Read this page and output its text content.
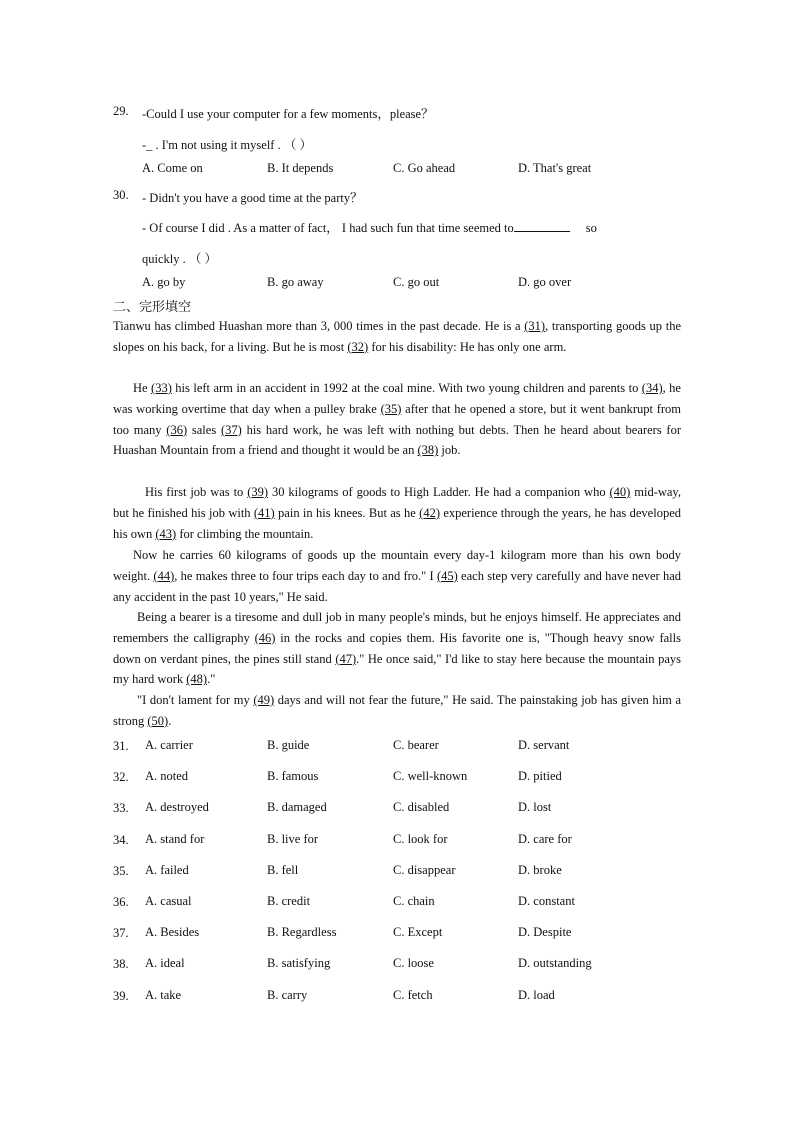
29. -Could I use your computer for a few moments，please？
-_ . I'm not using it myself . （ ）
A. Come on	B. It depends	C. Go ahead	D. That's great
30. - Didn't you have a good time at the party？
- Of course I did . As a matter of fact， I had such fun that time seemed to	so
quickly . （ ）
A. go by	B. go away	C. go out	D. go over
二、完形填空
Tianwu has climbed Huashan more than 3, 000 times in the past decade. He is a (31), transporting goods up the slopes on his back, for a living. But he is most (32) for his disability: He has only one arm.
He (33) his left arm in an accident in 1992 at the coal mine. With two young children and parents to (34), he was working overtime that day when a pulley brake (35) after that he opened a store, but it went bankrupt from too many (36) sales (37) his hard work, he was left with nothing but debts. Then he heard about bearers for Huashan Mountain from a friend and thought it would be an (38) job.
His first job was to (39) 30 kilograms of goods to High Ladder. He had a companion who (40) mid-way, but he finished his job with (41) pain in his knees. But as he (42) experience through the years, he has developed his own (43) for climbing the mountain.
Now he carries 60 kilograms of goods up the mountain every day-1 kilogram more than his own body weight. (44), he makes three to four trips each day to and fro." I (45) each step very carefully and have never had any accident in the past 10 years," He said.
Being a bearer is a tiresome and dull job in many people's minds, but he enjoys himself. He appreciates and remembers the calligraphy (46) in the rocks and copies them. His favorite one is, "Though heavy snow falls down on verdant pines, the pines still stand (47)." He once said," I'd like to stay here because the mountain pays my hard work (48)."
"I don't lament for my (49) days and will not fear the future," He said. The painstaking job has given him a strong (50).
31. A. carrier	B. guide	C. bearer	D. servant
32. A. noted	B. famous	C. well-known	D. pitied
33. A. destroyed	B. damaged	C. disabled	D. lost
34. A. stand for	B. live for	C. look for	D. care for
35. A. failed	B. fell	C. disappear	D. broke
36. A. casual	B. credit	C. chain	D. constant
37. A. Besides	B. Regardless	C. Except	D. Despite
38. A. ideal	B. satisfying	C. loose	D. outstanding
39. A. take	B. carry	C. fetch	D. load
